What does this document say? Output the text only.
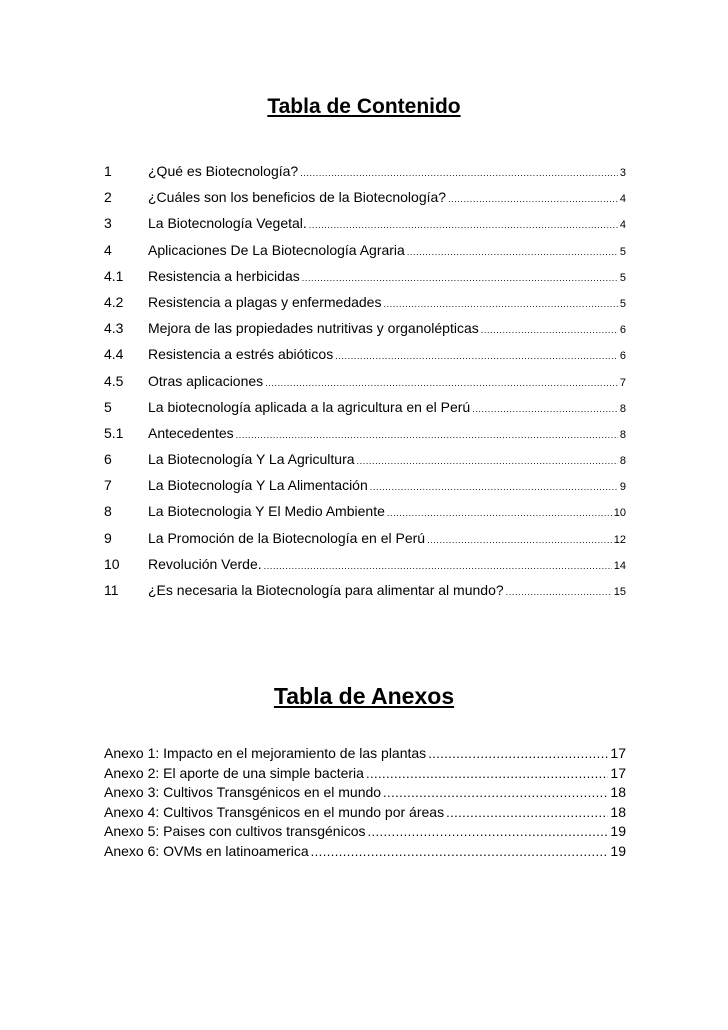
Tabla de Contenido
1	¿Qué es Biotecnología? .....	3
2	¿Cuáles son los beneficios de la Biotecnología? .....	4
3	La Biotecnología Vegetal. .....	4
4	Aplicaciones De La Biotecnología Agraria .....	5
4.1	Resistencia a herbicidas .....	5
4.2	Resistencia a plagas y enfermedades .....	5
4.3	Mejora de las propiedades nutritivas y organolépticas .....	6
4.4	Resistencia a estrés abióticos .....	6
4.5	Otras aplicaciones .....	7
5	La biotecnología aplicada a la agricultura en el Perú .....	8
5.1	Antecedentes .....	8
6	La Biotecnología Y La Agricultura .....	8
7	La Biotecnología Y La Alimentación .....	9
8	La Biotecnologia Y El Medio Ambiente .....	10
9	La Promoción de la Biotecnología en el Perú .....	12
10	Revolución Verde. .....	14
11	¿Es necesaria la Biotecnología para alimentar al mundo? .....	15
Tabla de Anexos
Anexo 1: Impacto en el mejoramiento de las plantas .....	17
Anexo 2: El aporte de una simple bacteria .....	17
Anexo 3: Cultivos Transgénicos en el mundo .....	18
Anexo 4: Cultivos Transgénicos en el mundo por áreas .....	18
Anexo 5: Paises con cultivos transgénicos .....	19
Anexo 6: OVMs en latinoamerica .....	19
